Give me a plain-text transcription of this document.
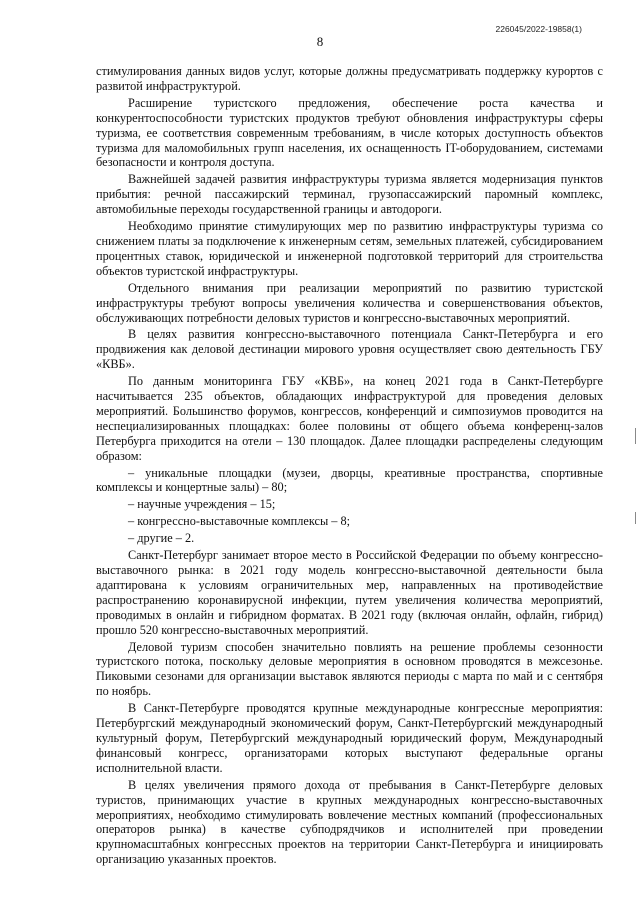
226045/2022-19858(1)
8

стимулирования данных видов услуг, которые должны предусматривать поддержку курортов с развитой инфраструктурой.

Расширение туристского предложения, обеспечение роста качества и конкурентоспособности туристских продуктов требуют обновления инфраструктуры сферы туризма, ее соответствия современным требованиям, в числе которых доступность объектов туризма для маломобильных групп населения, их оснащенность IT-оборудованием, системами безопасности и контроля доступа.

Важнейшей задачей развития инфраструктуры туризма является модернизация пунктов прибытия: речной пассажирский терминал, грузопассажирский паромный комплекс, автомобильные переходы государственной границы и автодороги.

Необходимо принятие стимулирующих мер по развитию инфраструктуры туризма со снижением платы за подключение к инженерным сетям, земельных платежей, субсидированием процентных ставок, юридической и инженерной подготовкой территорий для строительства объектов туристской инфраструктуры.

Отдельного внимания при реализации мероприятий по развитию туристской инфраструктуры требуют вопросы увеличения количества и совершенствования объектов, обслуживающих потребности деловых туристов и конгрессно-выставочных мероприятий.

В целях развития конгрессно-выставочного потенциала Санкт-Петербурга и его продвижения как деловой дестинации мирового уровня осуществляет свою деятельность ГБУ «КВБ».

По данным мониторинга ГБУ «КВБ», на конец 2021 года в Санкт-Петербурге насчитывается 235 объектов, обладающих инфраструктурой для проведения деловых мероприятий. Большинство форумов, конгрессов, конференций и симпозиумов проводится на неспециализированных площадках: более половины от общего объема конференц-залов Петербурга приходится на отели – 130 площадок. Далее площадки распределены следующим образом:

– уникальные площадки (музеи, дворцы, креативные пространства, спортивные комплексы и концертные залы) – 80;

– научные учреждения – 15;

– конгрессно-выставочные комплексы – 8;

– другие – 2.

Санкт-Петербург занимает второе место в Российской Федерации по объему конгрессно-выставочного рынка: в 2021 году модель конгрессно-выставочной деятельности была адаптирована к условиям ограничительных мер, направленных на противодействие распространению коронавирусной инфекции, путем увеличения количества мероприятий, проводимых в онлайн и гибридном форматах. В 2021 году (включая онлайн, офлайн, гибрид) прошло 520 конгрессно-выставочных мероприятий.

Деловой туризм способен значительно повлиять на решение проблемы сезонности туристского потока, поскольку деловые мероприятия в основном проводятся в межсезонье. Пиковыми сезонами для организации выставок являются периоды с марта по май и с сентября по ноябрь.

В Санкт-Петербурге проводятся крупные международные конгрессные мероприятия: Петербургский международный экономический форум, Санкт-Петербургский международный культурный форум, Петербургский международный юридический форум, Международный финансовый конгресс, организаторами которых выступают федеральные органы исполнительной власти.

В целях увеличения прямого дохода от пребывания в Санкт-Петербурге деловых туристов, принимающих участие в крупных международных конгрессно-выставочных мероприятиях, необходимо стимулировать вовлечение местных компаний (профессиональных операторов рынка) в качестве субподрядчиков и исполнителей при проведении крупномасштабных конгрессных проектов на территории Санкт-Петербурга и инициировать организацию указанных проектов.
